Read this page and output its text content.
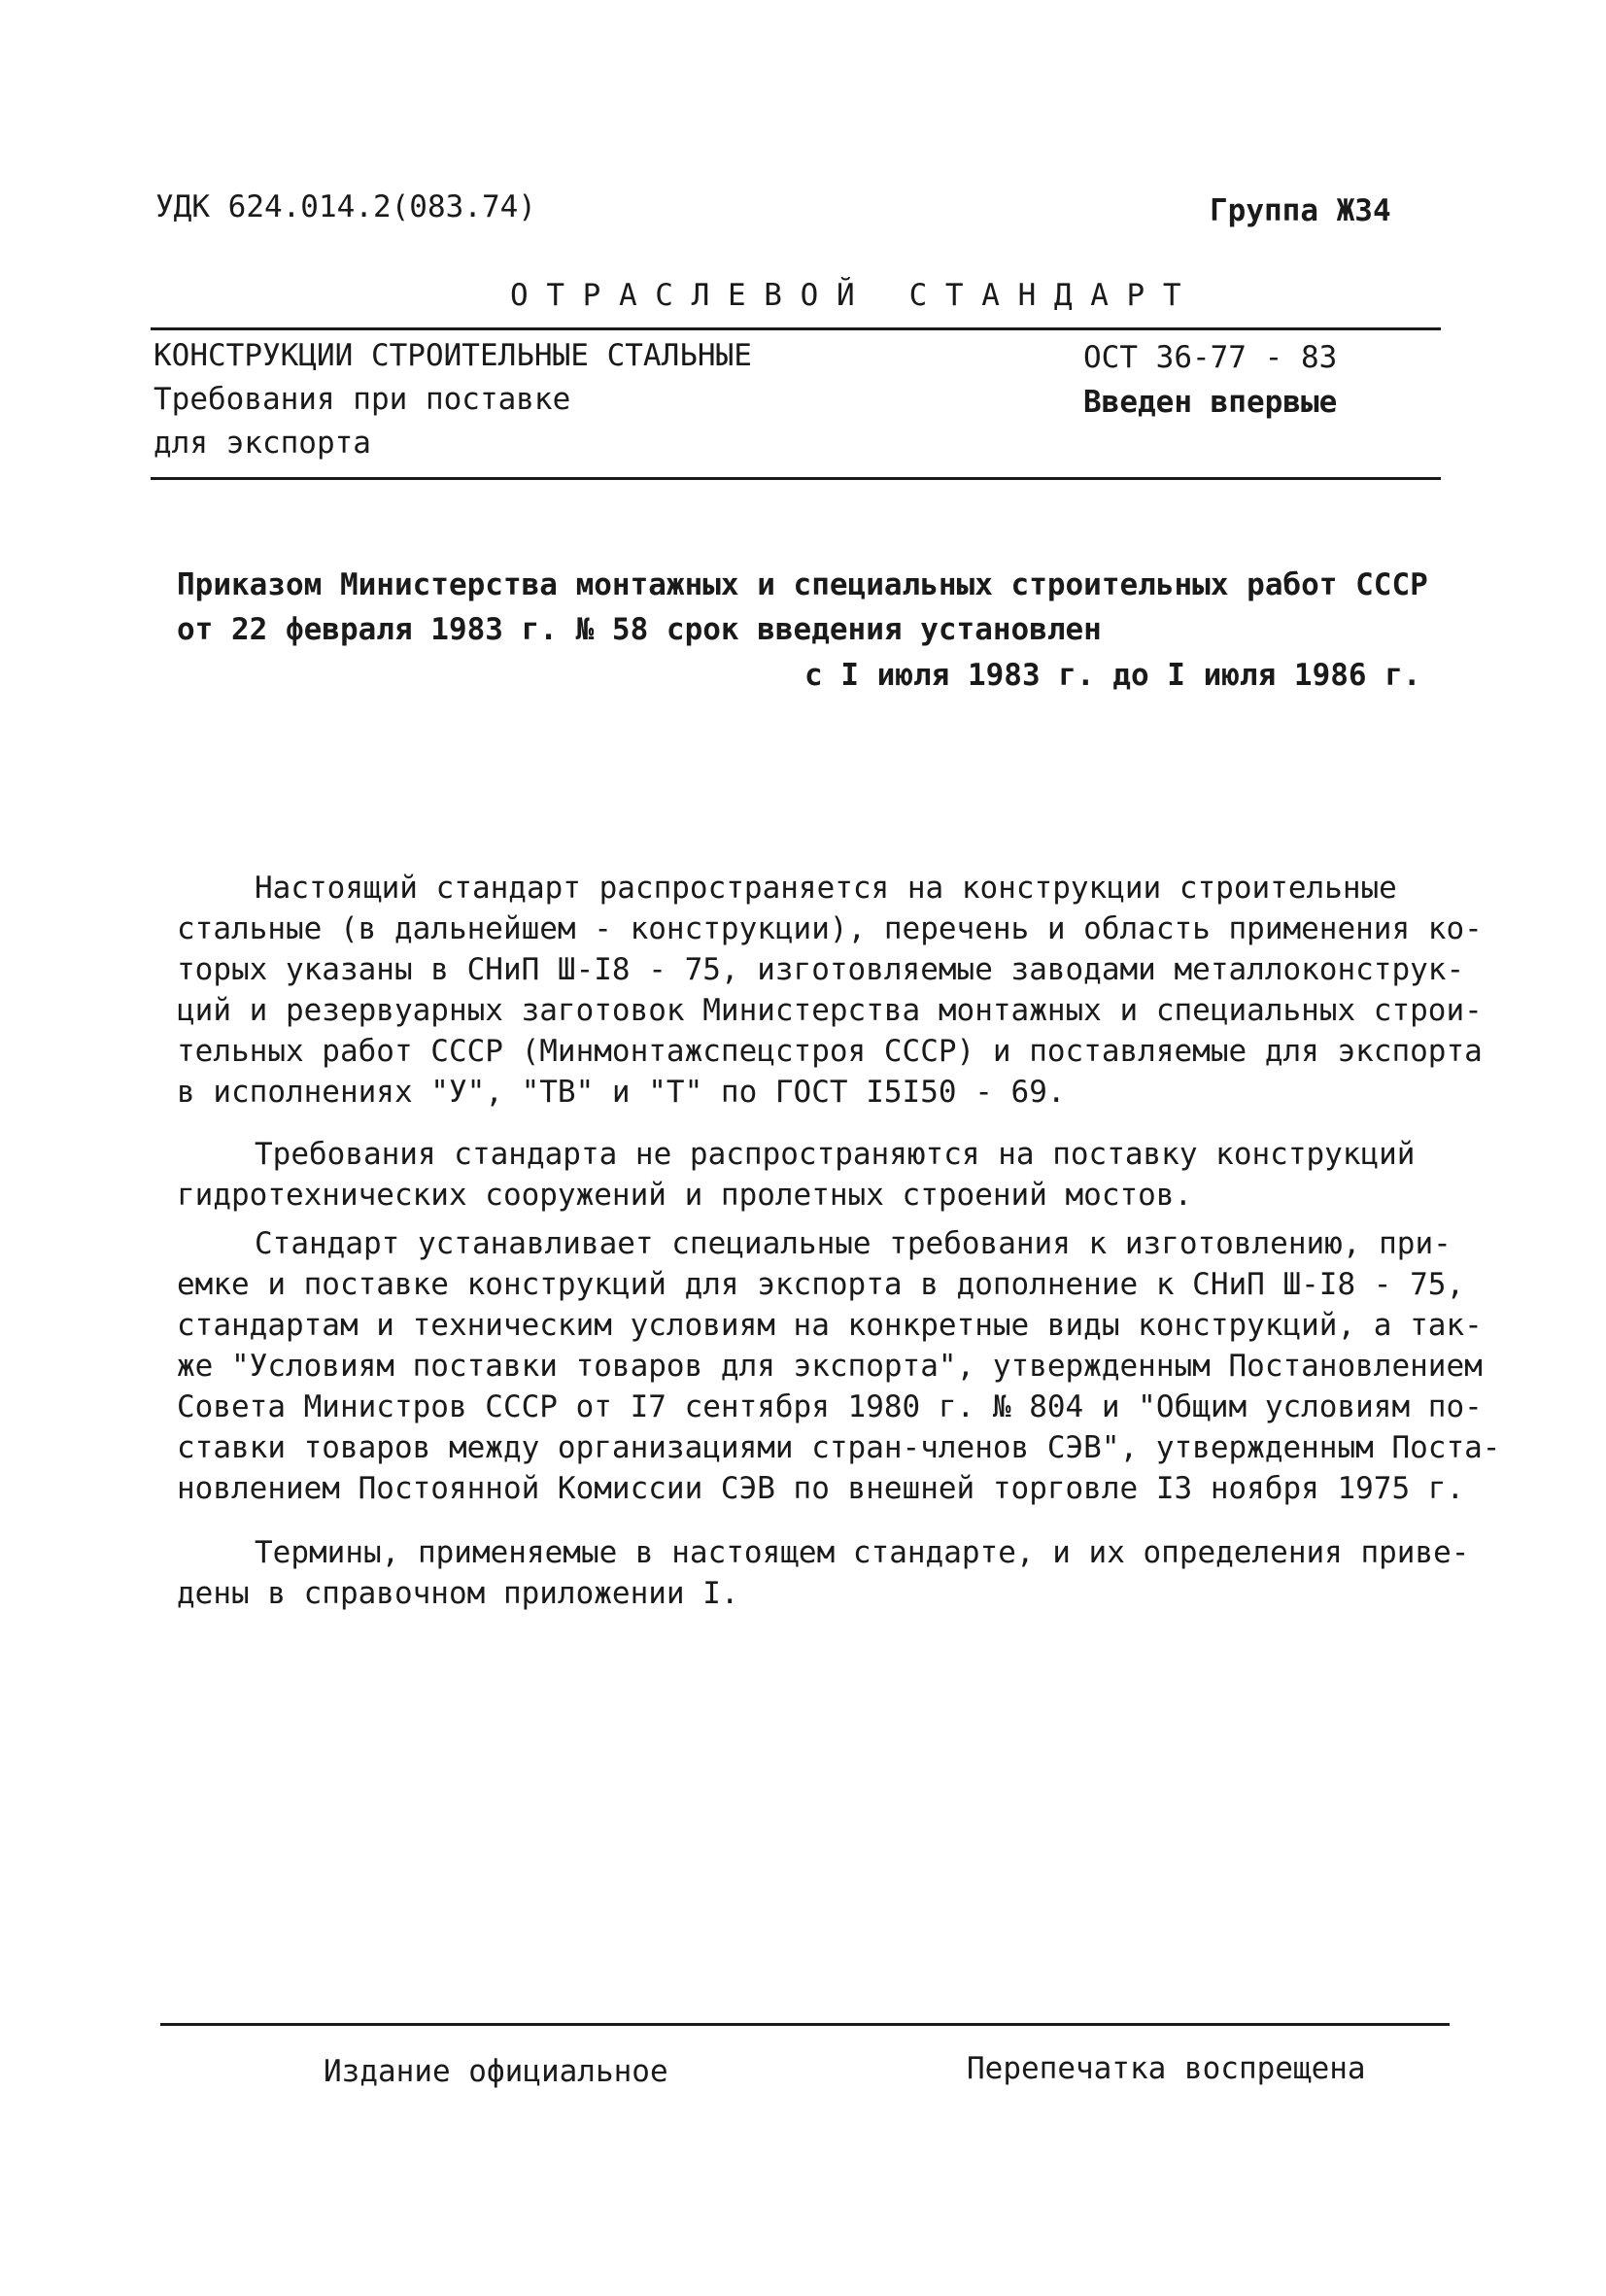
УДК 624.014.2(083.74)	Группа Ж34
О Т Р А С Л Е В О Й   С Т А Н Д А Р Т
КОНСТРУКЦИИ СТРОИТЕЛЬНЫЕ СТАЛЬНЫЕ
Требования при поставке
для экспорта
ОСТ 36-77 - 83
Введен впервые
Приказом Министерства монтажных и специальных строительных работ СССР
от 22 февраля 1983 г. № 58 срок введения установлен
с I июля 1983 г. до I июля 1986 г.
Настоящий стандарт распространяется на конструкции строительные
стальные (в дальнейшем - конструкции), перечень и область применения ко-
торых указаны в СНиП Ш-I8 - 75, изготовляемые заводами металлоконструк-
ций и резервуарных заготовок Министерства монтажных и специальных строи-
тельных работ СССР (Минмонтажспецстроя СССР) и поставляемые для экспорта
в исполнениях "У", "ТВ" и "Т" по ГОСТ I5I50 - 69.
Требования стандарта не распространяются на поставку конструкций
гидротехнических сооружений и пролетных строений мостов.
Стандарт устанавливает специальные требования к изготовлению, при-
емке и поставке конструкций для экспорта в дополнение к СНиП Ш-I8 - 75,
стандартам и техническим условиям на конкретные виды конструкций, а так-
же "Условиям поставки товаров для экспорта", утвержденным Постановлением
Совета Министров СССР от I7 сентября 1980 г. № 804 и "Общим условиям по-
ставки товаров между организациями стран-членов СЭВ", утвержденным Поста-
новлением Постоянной Комиссии СЭВ по внешней торговле I3 ноября 1975 г.
Термины, применяемые в настоящем стандарте, и их определения приве-
дены в справочном приложении I.
Издание официальное	Перепечатка воспрещена
